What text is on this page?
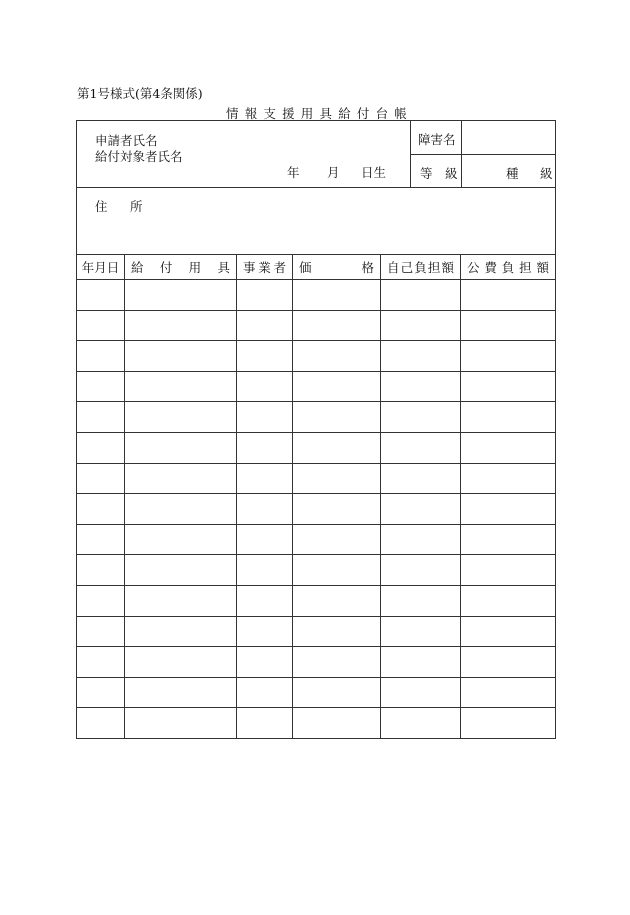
第1号様式(第4条関係)
情報支援用具給付台帳
申請者氏名
給付対象者氏名
年 月 日生
障害名
等 級	種 級
住 所
年月日	給 付 用 具	事 業 者	価 格	自 己 負 担 額	公 費 負 担 額
